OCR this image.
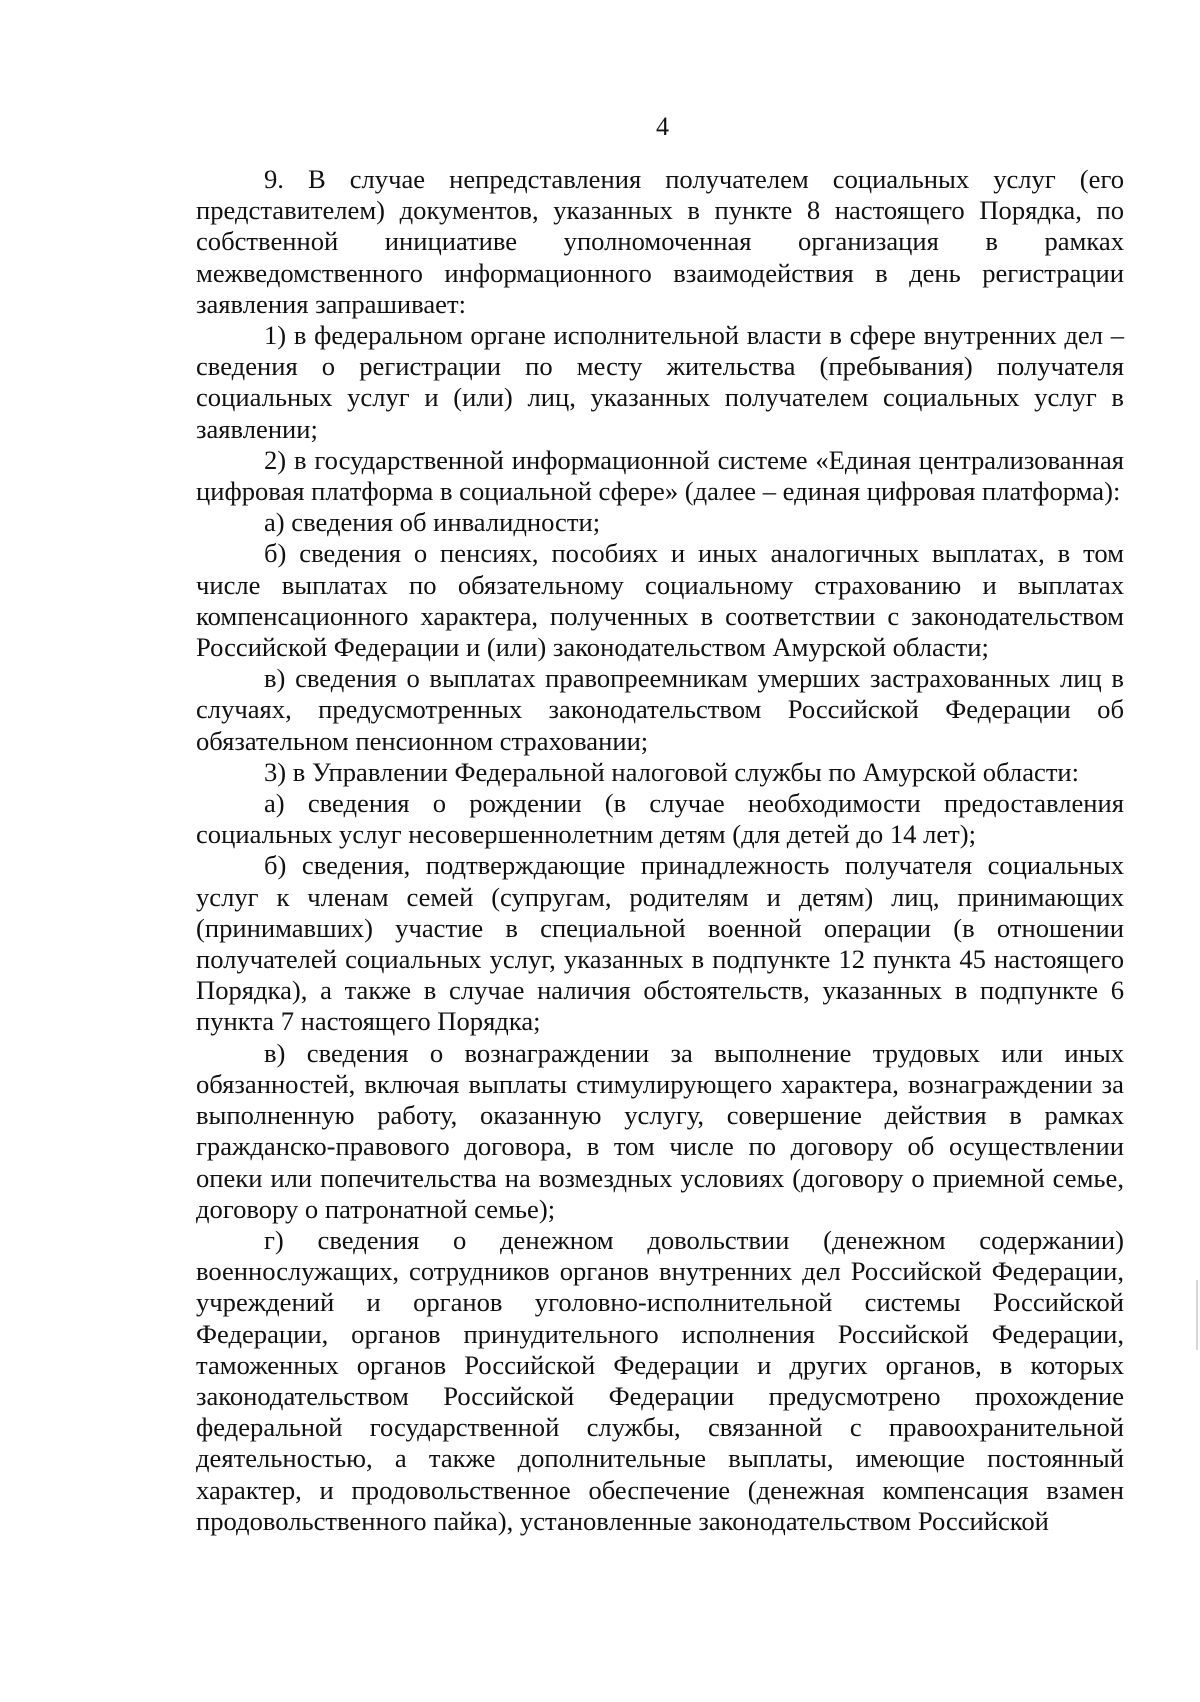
4

9. В случае непредставления получателем социальных услуг (его представителем) документов, указанных в пункте 8 настоящего Порядка, по собственной инициативе уполномоченная организация в рамках межведомственного информационного взаимодействия в день регистрации заявления запрашивает:

1) в федеральном органе исполнительной власти в сфере внутренних дел – сведения о регистрации по месту жительства (пребывания) получателя социальных услуг и (или) лиц, указанных получателем социальных услуг в заявлении;

2) в государственной информационной системе «Единая централизованная цифровая платформа в социальной сфере» (далее – единая цифровая платформа):

а) сведения об инвалидности;

б) сведения о пенсиях, пособиях и иных аналогичных выплатах, в том числе выплатах по обязательному социальному страхованию и выплатах компенсационного характера, полученных в соответствии с законодательством Российской Федерации и (или) законодательством Амурской области;

в) сведения о выплатах правопреемникам умерших застрахованных лиц в случаях, предусмотренных законодательством Российской Федерации об обязательном пенсионном страховании;

3) в Управлении Федеральной налоговой службы по Амурской области:

а) сведения о рождении (в случае необходимости предоставления социальных услуг несовершеннолетним детям (для детей до 14 лет);

б) сведения, подтверждающие принадлежность получателя социальных услуг к членам семей (супругам, родителям и детям) лиц, принимающих (принимавших) участие в специальной военной операции (в отношении получателей социальных услуг, указанных в подпункте 12 пункта 45 настоящего Порядка), а также в случае наличия обстоятельств, указанных в подпункте 6 пункта 7 настоящего Порядка;

в) сведения о вознаграждении за выполнение трудовых или иных обязанностей, включая выплаты стимулирующего характера, вознаграждении за выполненную работу, оказанную услугу, совершение действия в рамках гражданско-правового договора, в том числе по договору об осуществлении опеки или попечительства на возмездных условиях (договору о приемной семье, договору о патронатной семье);

г) сведения о денежном довольствии (денежном содержании) военнослужащих, сотрудников органов внутренних дел Российской Федерации, учреждений и органов уголовно-исполнительной системы Российской Федерации, органов принудительного исполнения Российской Федерации, таможенных органов Российской Федерации и других органов, в которых законодательством Российской Федерации предусмотрено прохождение федеральной государственной службы, связанной с правоохранительной деятельностью, а также дополнительные выплаты, имеющие постоянный характер, и продовольственное обеспечение (денежная компенсация взамен продовольственного пайка), установленные законодательством Российской
